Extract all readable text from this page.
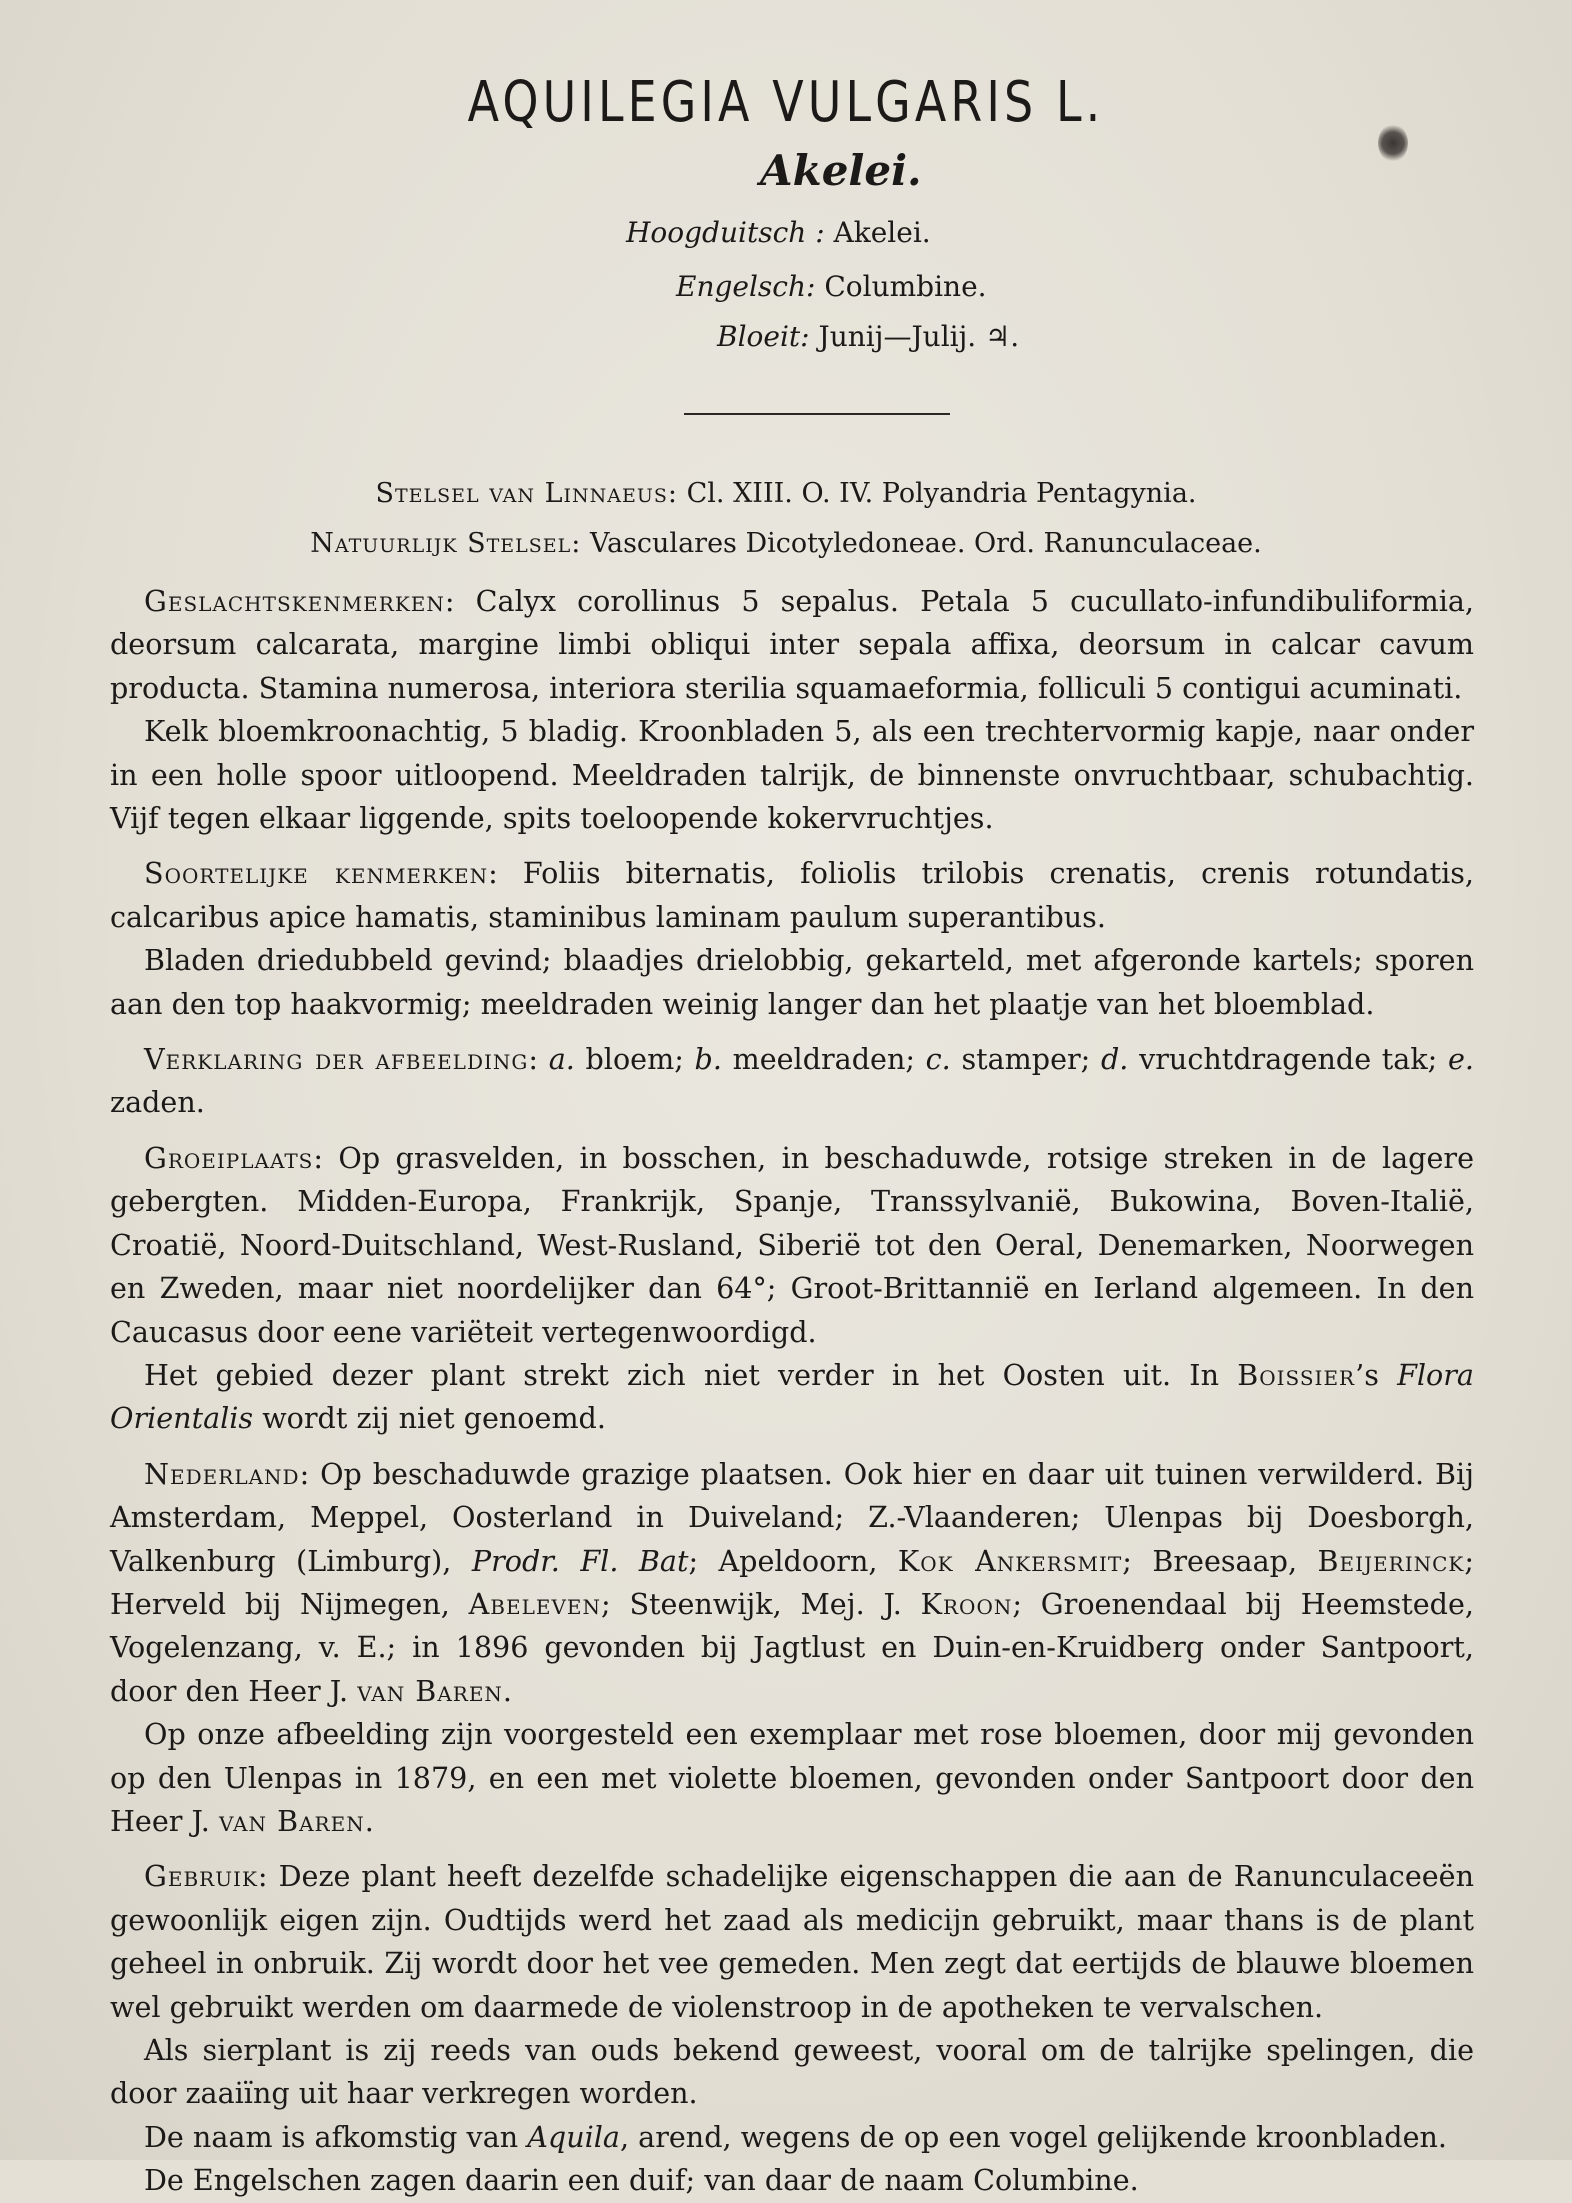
AQUILEGIA VULGARIS L.
Akelei.
Hoogduitsch : Akelei.
Engelsch: Columbine.
Bloeit: Junij—Julij. ♃.
Stelsel van Linnaeus: Cl. XIII. O. IV. Polyandria Pentagynia.
Natuurlijk Stelsel: Vasculares Dicotyledoneae. Ord. Ranunculaceae.

Geslachtskenmerken: Calyx corollinus 5 sepalus. Petala 5 cucullato-infundibuliformia, deorsum calcarata, margine limbi obliqui inter sepala affixa, deorsum in calcar cavum producta. Stamina numerosa, interiora sterilia squamaeformia, folliculi 5 contigui acuminati.

Kelk bloemkroonachtig, 5 bladig. Kroonbladen 5, als een trechtervormig kapje, naar onder in een holle spoor uitloopend. Meeldraden talrijk, de binnenste onvruchtbaar, schubachtig. Vijf tegen elkaar liggende, spits toeloopende kokervruchtjes.

Soortelijke kenmerken: Foliis biternatis, foliolis trilobis crenatis, crenis rotundatis, calcaribus apice hamatis, staminibus laminam paulum superantibus.

Bladen driedubbeld gevind; blaadjes drielobbig, gekarteld, met afgeronde kartels; sporen aan den top haakvormig; meeldraden weinig langer dan het plaatje van het bloemblad.

Verklaring der afbeelding: a. bloem; b. meeldraden; c. stamper; d. vruchtdragende tak; e. zaden.

Groeiplaats: Op grasvelden, in bosschen, in beschaduwde, rotsige streken in de lagere gebergten. Midden-Europa, Frankrijk, Spanje, Transsylvanië, Bukowina, Boven-Italië, Croatië, Noord-Duitschland, West-Rusland, Siberië tot den Oeral, Denemarken, Noorwegen en Zweden, maar niet noordelijker dan 64°; Groot-Brittannië en Ierland algemeen. In den Caucasus door eene variëteit vertegenwoordigd.

Het gebied dezer plant strekt zich niet verder in het Oosten uit. In Boissier’s Flora Orientalis wordt zij niet genoemd.

Nederland: Op beschaduwde grazige plaatsen. Ook hier en daar uit tuinen verwilderd. Bij Amsterdam, Meppel, Oosterland in Duiveland; Z.-Vlaanderen; Ulenpas bij Doesborgh, Valkenburg (Limburg), Prodr. Fl. Bat; Apeldoorn, Kok Ankersmit; Breesaap, Beijerinck; Herveld bij Nijmegen, Abeleven; Steenwijk, Mej. J. Kroon; Groenendaal bij Heemstede, Vogelenzang, v. E.; in 1896 gevonden bij Jagtlust en Duin-en-Kruidberg onder Santpoort, door den Heer J. van Baren.

Op onze afbeelding zijn voorgesteld een exemplaar met rose bloemen, door mij gevonden op den Ulenpas in 1879, en een met violette bloemen, gevonden onder Santpoort door den Heer J. van Baren.

Gebruik: Deze plant heeft dezelfde schadelijke eigenschappen die aan de Ranunculaceeën gewoonlijk eigen zijn. Oudtijds werd het zaad als medicijn gebruikt, maar thans is de plant geheel in onbruik. Zij wordt door het vee gemeden. Men zegt dat eertijds de blauwe bloemen wel gebruikt werden om daarmede de violenstroop in de apotheken te vervalschen.

Als sierplant is zij reeds van ouds bekend geweest, vooral om de talrijke spelingen, die door zaaiïng uit haar verkregen worden.

De naam is afkomstig van Aquila, arend, wegens de op een vogel gelijkende kroonbladen.

De Engelschen zagen daarin een duif; van daar de naam Columbine.
